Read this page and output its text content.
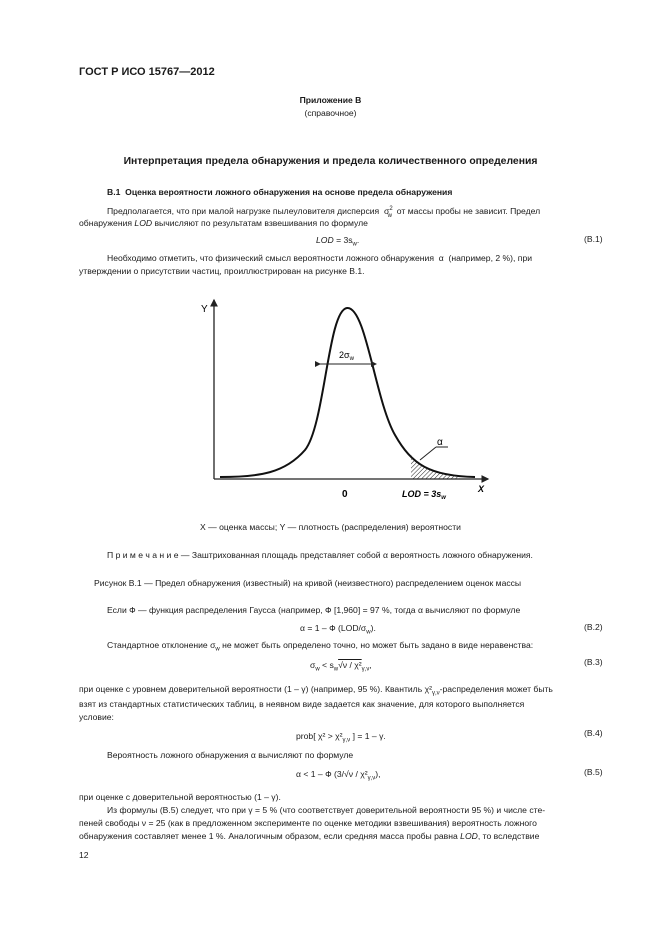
ГОСТ Р ИСО 15767—2012
Приложение В
(справочное)
Интерпретация предела обнаружения и предела количественного определения
В.1 Оценка вероятности ложного обнаружения на основе предела обнаружения
Предполагается, что при малой нагрузке пылеуловителя дисперсия  $\sigma^2_w$ от массы пробы не зависит. Предел
обнаружения LOD вычисляют по результатам взвешивания по формуле
LOD = $3s_w$.	(В.1)
Необходимо отметить, что физический смысл вероятности ложного обнаружения  α  (например, 2 %), при
утверждении о присутствии частиц, проиллюстрирован на рисунке В.1.
$2\sigma_w$
α
Y
X
0	LOD = $3s_w$
X — оценка массы; Y — плотность (распределения) вероятности
П р и м е ч а н и е — Заштрихованная площадь представляет собой α вероятность ложного обнаружения.
Рисунок В.1 — Предел обнаружения (известный) на кривой (неизвестного) распределением оценок массы
Если Ф — функция распределения Гаусса (например, Ф [1,960] = 97 %, тогда α вычисляют по формуле
α = 1 – Ф $(LOD/\sigma_w)$.	(В.2)
Стандартное отклонение $\sigma_w$ не может быть определено точно, но может быть задано в виде неравенства:
$\sigma_w < s_w√\nu / \chi^2_{\gamma,\nu}$,	(В.3)
при оценке с уровнем доверительной вероятности (1 – γ) (например, 95 %). Квантиль $\chi^2_{\gamma,\nu}$-распределения может быть
взят из стандартных статистических таблиц, в неявном виде задается как значение, для которого выполняется
условие:
prob[ $\chi^2 > \chi^2_{\gamma,\nu}$ ] = 1 – γ.	(В.4)
Вероятность ложного обнаружения α вычисляют по формуле
α < 1 – Ф $(3/√\nu / \chi^2_{\gamma,\nu})$,	(В.5)
при оценке с доверительной вероятностью (1 – γ).
Из формулы (В.5) следует, что при γ = 5 % (что соответствует доверительной вероятности 95 %) и числе сте-
пеней свободы ν = 25 (как в предложенном эксперименте по оценке методики взвешивания) вероятность ложного
обнаружения составляет менее 1 %. Аналогичным образом, если средняя масса пробы равна LOD, то вследствие
12
